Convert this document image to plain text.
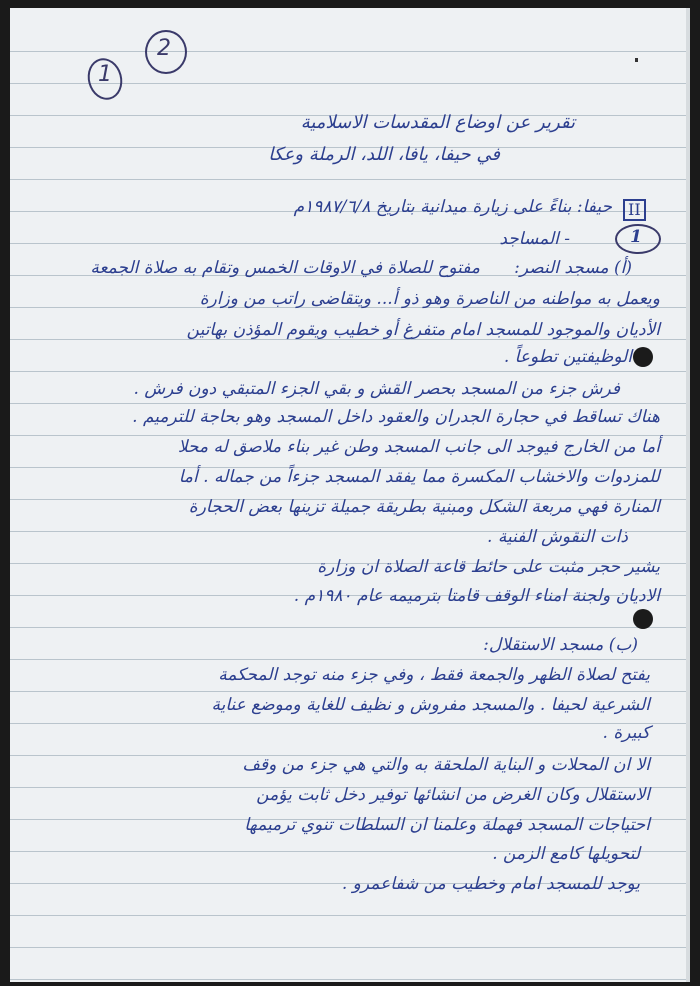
1
2
تقرير عن اوضاع المقدسات الاسلامية
في حيفا، يافا، اللد، الرملة وعكا
II
حيفا: بناءً على زيارة ميدانية بتاريخ ١٩٨٧/٦/٨م
1
- المساجد
(أ) مسجد النصر:
مفتوح للصلاة في الاوقات الخمس وتقام به صلاة الجمعة
ويعمل به مواطنه من الناصرة وهو ذو أ... ويتقاضى راتب من وزارة
الأديان والموجود للمسجد امام متفرغ أو خطيب ويقوم المؤذن بهاتين
الوظيفتين تطوعاً .
فرش جزء من المسجد بحصر القش و بقي الجزء المتبقي دون فرش .
هناك تساقط في حجارة الجدران والعقود داخل المسجد وهو بحاجة للترميم .
أما من الخارج فيوجد الى جانب المسجد وطن غير بناء ملاصق له محلا
للمزدوات والاخشاب المكسرة مما يفقد المسجد جزءاً من جماله . أما
المنارة فهي مربعة الشكل ومبنية بطريقة جميلة تزينها بعض الحجارة
ذات النقوش الفنية .
يشير حجر مثبت على حائط قاعة الصلاة ان وزارة
الاديان ولجنة امناء الوقف قامتا بترميمه عام ١٩٨٠م .
(ب) مسجد الاستقلال:
يفتح لصلاة الظهر والجمعة فقط ، وفي جزء منه توجد المحكمة
الشرعية لحيفا . والمسجد مفروش و نظيف للغاية وموضع عناية
كبيرة .
الا ان المحلات و البناية الملحقة به والتي هي جزء من وقف
الاستقلال وكان الغرض من انشائها توفير دخل ثابت يؤمن
احتياجات المسجد فهملة وعلمنا ان السلطات تنوي ترميمها
لتحويلها كامع الزمن .
يوجد للمسجد امام وخطيب من شفاعمرو .
